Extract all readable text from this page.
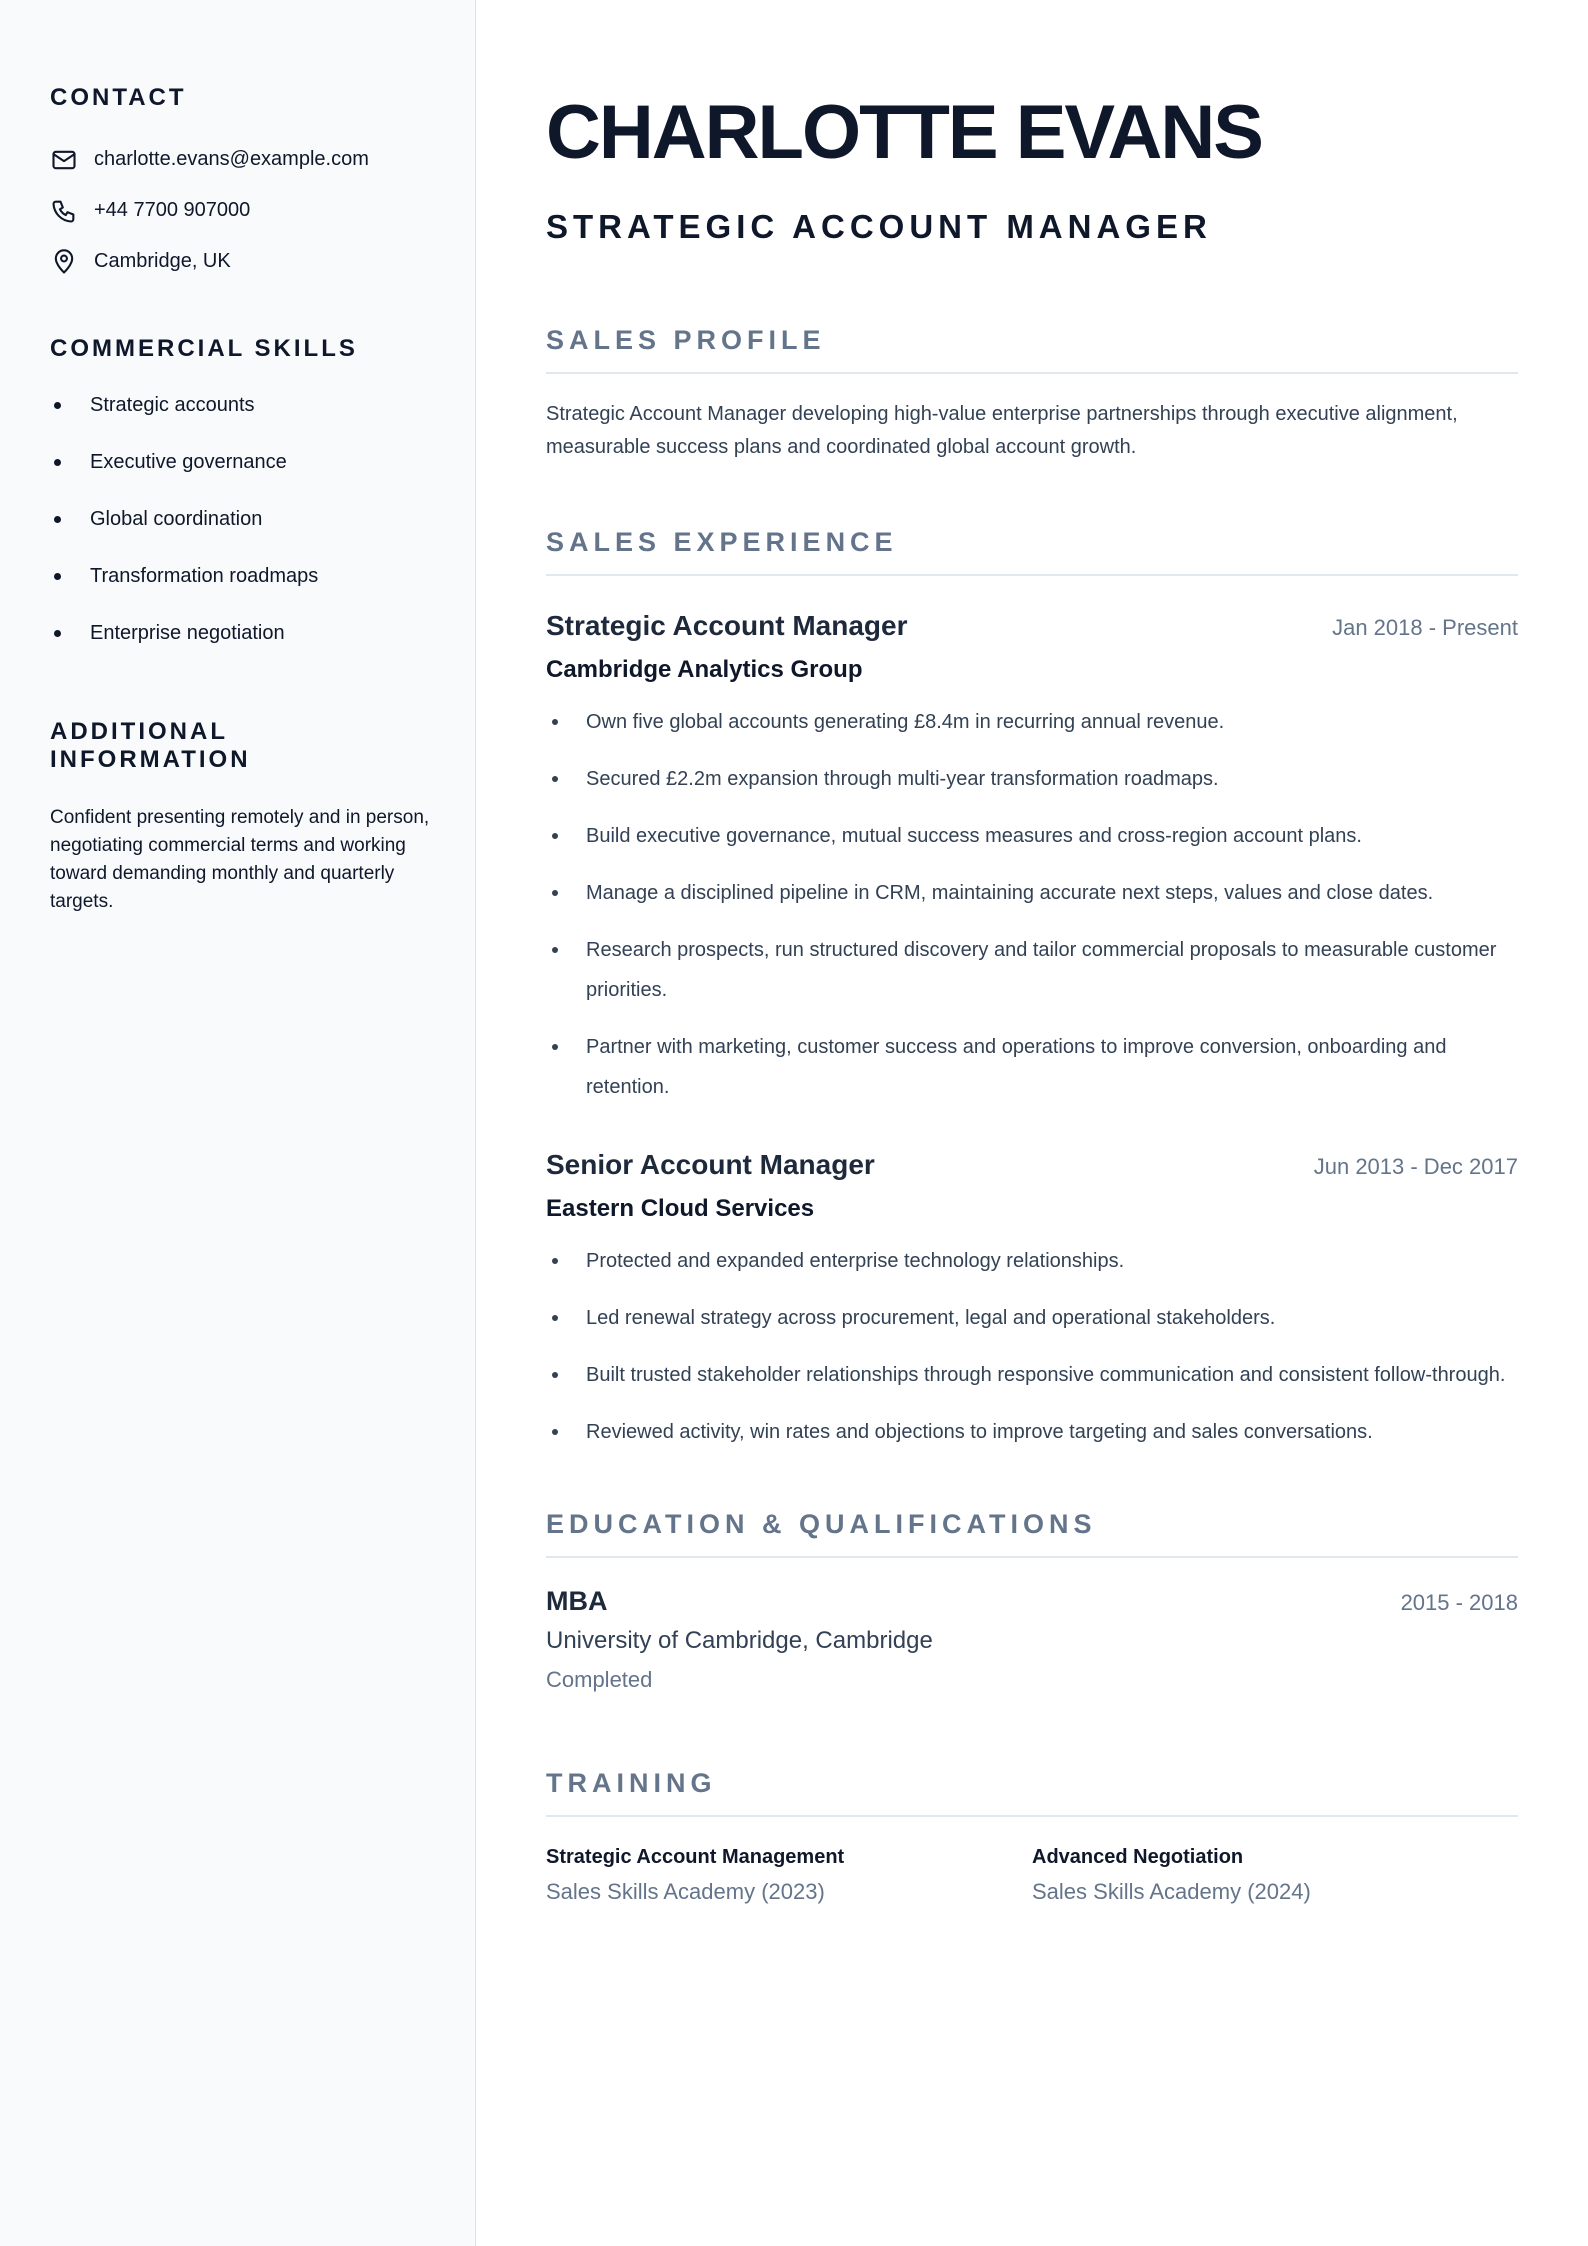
CONTACT
charlotte.evans@example.com
+44 7700 907000
Cambridge, UK
COMMERCIAL SKILLS
Strategic accounts
Executive governance
Global coordination
Transformation roadmaps
Enterprise negotiation
ADDITIONAL INFORMATION

Confident presenting remotely and in person, negotiating commercial terms and working toward demanding monthly and quarterly targets.

CHARLOTTE EVANS
STRATEGIC ACCOUNT MANAGER
SALES PROFILE

Strategic Account Manager developing high-value enterprise partnerships through executive alignment, measurable success plans and coordinated global account growth.

SALES EXPERIENCE
Strategic Account Manager	Jan 2018 - Present
Cambridge Analytics Group
Own five global accounts generating £8.4m in recurring annual revenue.
Secured £2.2m expansion through multi-year transformation roadmaps.
Build executive governance, mutual success measures and cross-region account plans.
Manage a disciplined pipeline in CRM, maintaining accurate next steps, values and close dates.
Research prospects, run structured discovery and tailor commercial proposals to measurable customer priorities.
Partner with marketing, customer success and operations to improve conversion, onboarding and retention.
Senior Account Manager	Jun 2013 - Dec 2017
Eastern Cloud Services
Protected and expanded enterprise technology relationships.
Led renewal strategy across procurement, legal and operational stakeholders.
Built trusted stakeholder relationships through responsive communication and consistent follow-through.
Reviewed activity, win rates and objections to improve targeting and sales conversations.
EDUCATION & QUALIFICATIONS
MBA	2015 - 2018
University of Cambridge, Cambridge
Completed
TRAINING
Strategic Account Management
Sales Skills Academy (2023)
Advanced Negotiation
Sales Skills Academy (2024)
